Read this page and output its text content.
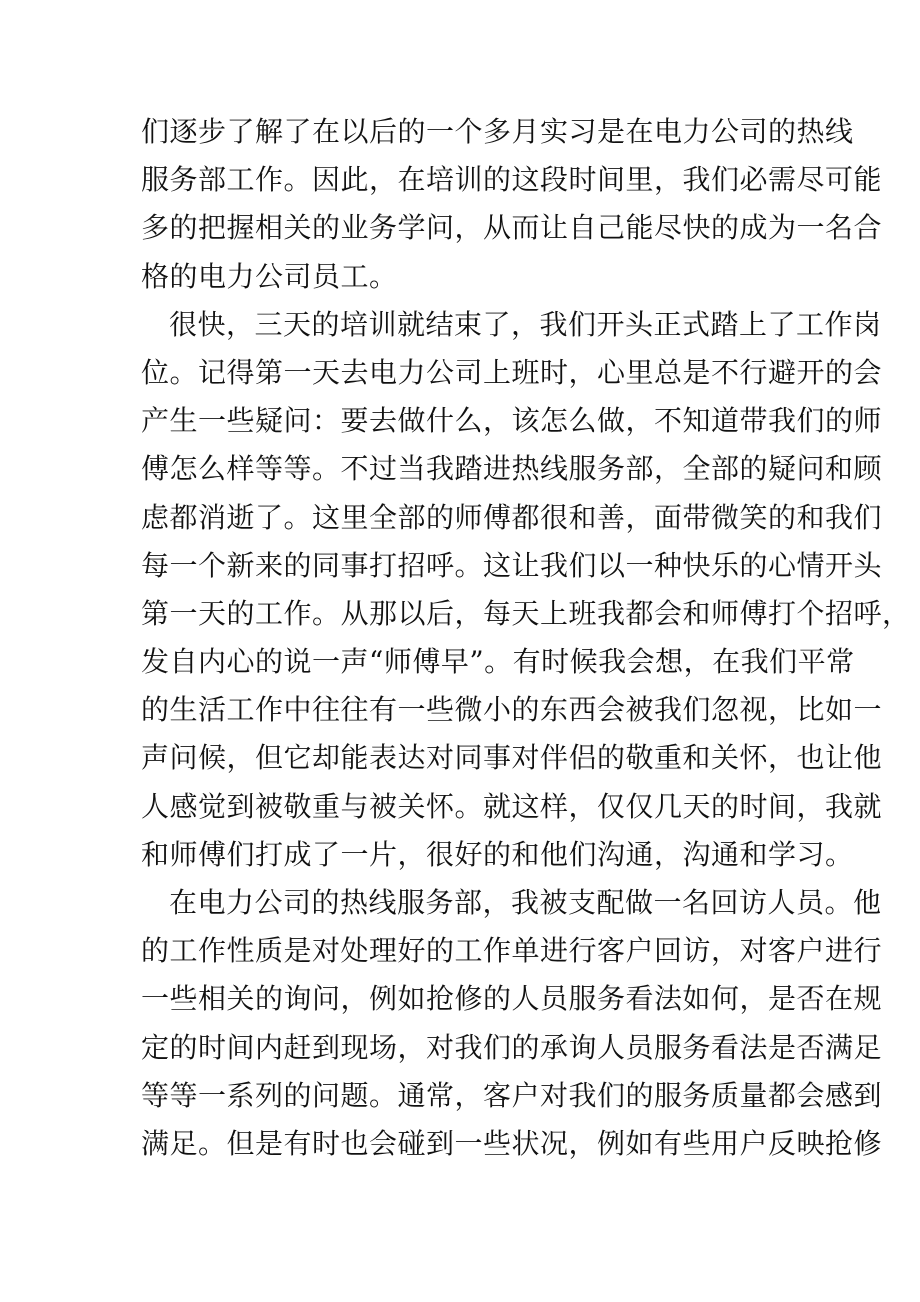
们逐步了解了在以后的一个多月实习是在电力公司的热线
服务部工作。因此，在培训的这段时间里，我们必需尽可能
多的把握相关的业务学问，从而让自己能尽快的成为一名合
格的电力公司员工。
很快，三天的培训就结束了，我们开头正式踏上了工作岗
位。记得第一天去电力公司上班时，心里总是不行避开的会
产生一些疑问：要去做什么，该怎么做，不知道带我们的师
傅怎么样等等。不过当我踏进热线服务部，全部的疑问和顾
虑都消逝了。这里全部的师傅都很和善，面带微笑的和我们
每一个新来的同事打招呼。这让我们以一种快乐的心情开头
第一天的工作。从那以后，每天上班我都会和师傅打个招呼，
发自内心的说一声“师傅早”。有时候我会想，在我们平常
的生活工作中往往有一些微小的东西会被我们忽视，比如一
声问候，但它却能表达对同事对伴侣的敬重和关怀，也让他
人感觉到被敬重与被关怀。就这样，仅仅几天的时间，我就
和师傅们打成了一片，很好的和他们沟通，沟通和学习。
在电力公司的热线服务部，我被支配做一名回访人员。他
的工作性质是对处理好的工作单进行客户回访，对客户进行
一些相关的询问，例如抢修的人员服务看法如何，是否在规
定的时间内赶到现场，对我们的承询人员服务看法是否满足
等等一系列的问题。通常，客户对我们的服务质量都会感到
满足。但是有时也会碰到一些状况，例如有些用户反映抢修
